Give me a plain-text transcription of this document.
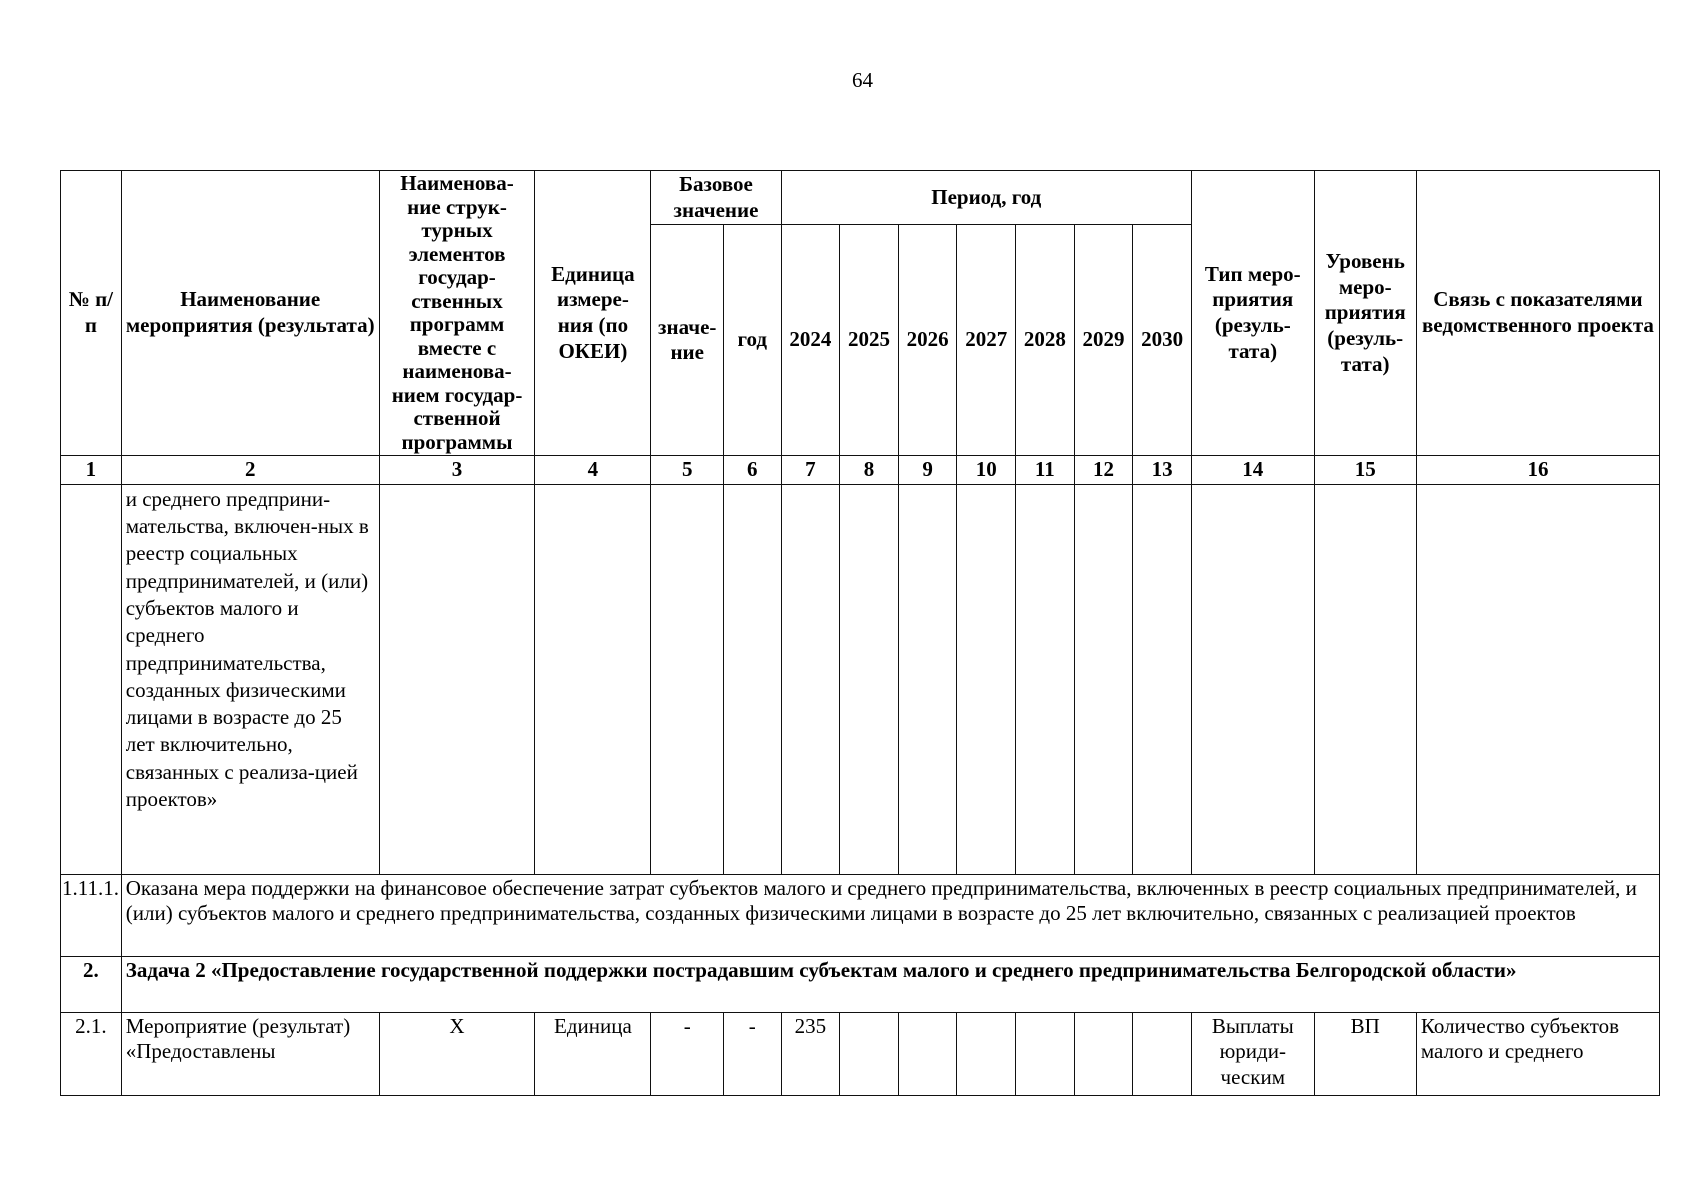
64
№ п/п	Наименование мероприятия (результата)	Наименова-ние струк-турных элементов государ-ственных программ вместе с наименова-нием государ-ственной программы	Единица измере-ния (по ОКЕИ)	Базовое значение		Период, год							Тип меро-приятия (резуль-тата)	Уровень меро-приятия (резуль-тата)	Связь с показателями ведомственного проекта
				значе-ние	год	2024	2025	2026	2027	2028	2029	2030			
1	2	3	4	5	6	7	8	9	10	11	12	13	14	15	16
	и среднего предприни-мательства, включен-ных в реестр социальных предпринимателей, и (или) субъектов малого и среднего предпринимательства, созданных физическими лицами в возрасте до 25 лет включительно, связанных с реализа-цией проектов»														
1.11.1.	Оказана мера поддержки на финансовое обеспечение затрат субъектов малого и среднего предпринимательства, включенных в реестр социальных предпринимателей, и (или) субъектов малого и среднего предпринимательства, созданных физическими лицами в возрасте до 25 лет включительно, связанных с реализацией проектов														
2.	Задача 2 «Предоставление государственной поддержки пострадавшим субъектам малого и среднего предпринимательства Белгородской области»														
2.1.	Мероприятие (результат) «Предоставлены	Х	Единица	-	-	235							Выплаты юриди-ческим	ВП	Количество субъектов малого и среднего
